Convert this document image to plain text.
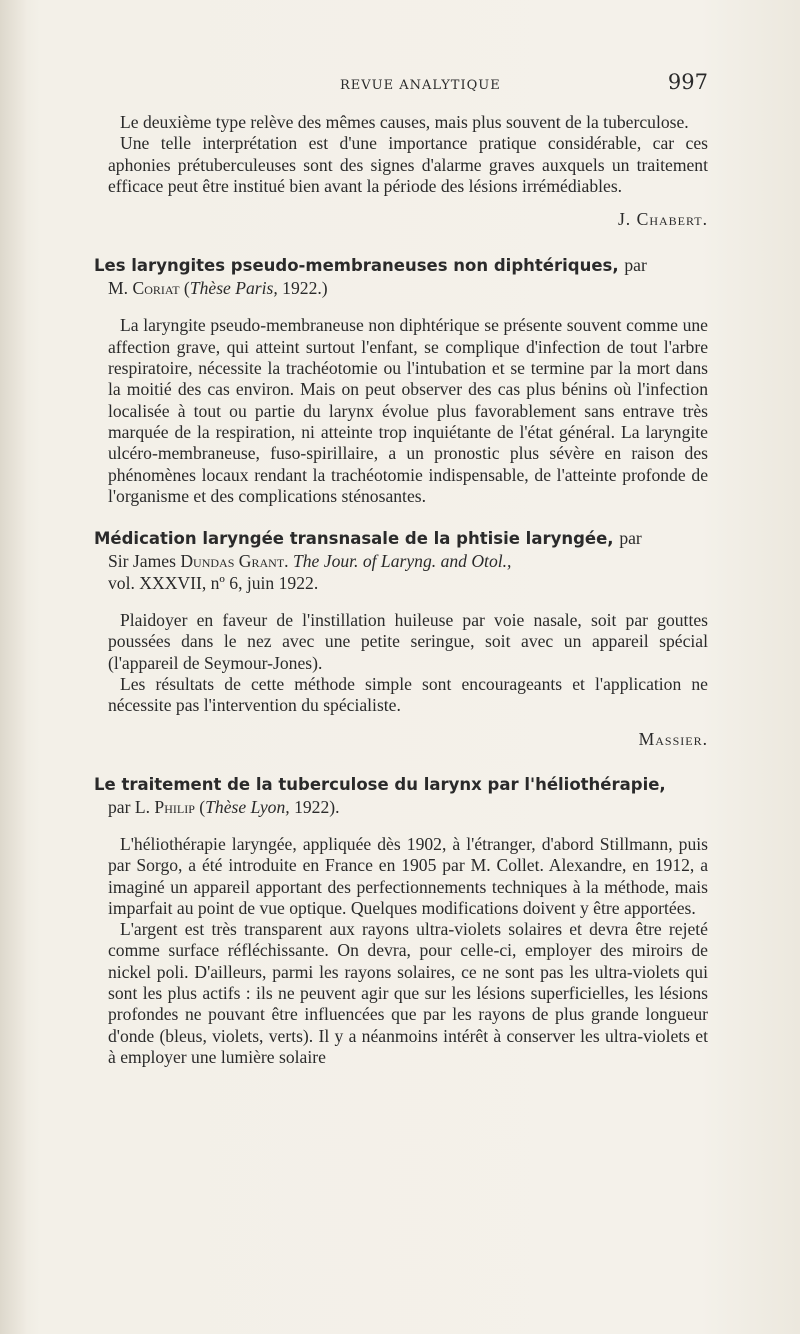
REVUE ANALYTIQUE	997

Le deuxième type relève des mêmes causes, mais plus souvent de la tuberculose.

Une telle interprétation est d'une importance pratique considérable, car ces aphonies prétuberculeuses sont des signes d'alarme graves auxquels un traitement efficace peut être institué bien avant la période des lésions irrémédiables.

J. Chabert.

Les laryngites pseudo-membraneuses non diphtériques, par

M. Coriat (Thèse Paris, 1922.)

La laryngite pseudo-membraneuse non diphtérique se présente souvent comme une affection grave, qui atteint surtout l'enfant, se complique d'infection de tout l'arbre respiratoire, nécessite la trachéotomie ou l'intubation et se termine par la mort dans la moitié des cas environ. Mais on peut observer des cas plus bénins où l'infection localisée à tout ou partie du larynx évolue plus favorablement sans entrave très marquée de la respiration, ni atteinte trop inquiétante de l'état général. La laryngite ulcéro-membraneuse, fuso-spirillaire, a un pronostic plus sévère en raison des phénomènes locaux rendant la trachéotomie indispensable, de l'atteinte profonde de l'organisme et des complications sténosantes.

Médication laryngée transnasale de la phtisie laryngée, par

Sir James Dundas Grant. The Jour. of Laryng. and Otol.,
vol. XXXVII, nº 6, juin 1922.

Plaidoyer en faveur de l'instillation huileuse par voie nasale, soit par gouttes poussées dans le nez avec une petite seringue, soit avec un appareil spécial (l'appareil de Seymour-Jones).

Les résultats de cette méthode simple sont encourageants et l'application ne nécessite pas l'intervention du spécialiste.

Massier.

Le traitement de la tuberculose du larynx par l'héliothérapie,

par L. Philip (Thèse Lyon, 1922).

L'héliothérapie laryngée, appliquée dès 1902, à l'étranger, d'abord Stillmann, puis par Sorgo, a été introduite en France en 1905 par M. Collet. Alexandre, en 1912, a imaginé un appareil apportant des perfectionnements techniques à la méthode, mais imparfait au point de vue optique. Quelques modifications doivent y être apportées.

L'argent est très transparent aux rayons ultra-violets solaires et devra être rejeté comme surface réfléchissante. On devra, pour celle-ci, employer des miroirs de nickel poli. D'ailleurs, parmi les rayons solaires, ce ne sont pas les ultra-violets qui sont les plus actifs : ils ne peuvent agir que sur les lésions superficielles, les lésions profondes ne pouvant être influencées que par les rayons de plus grande longueur d'onde (bleus, violets, verts). Il y a néanmoins intérêt à conserver les ultra-violets et à employer une lumière solaire
